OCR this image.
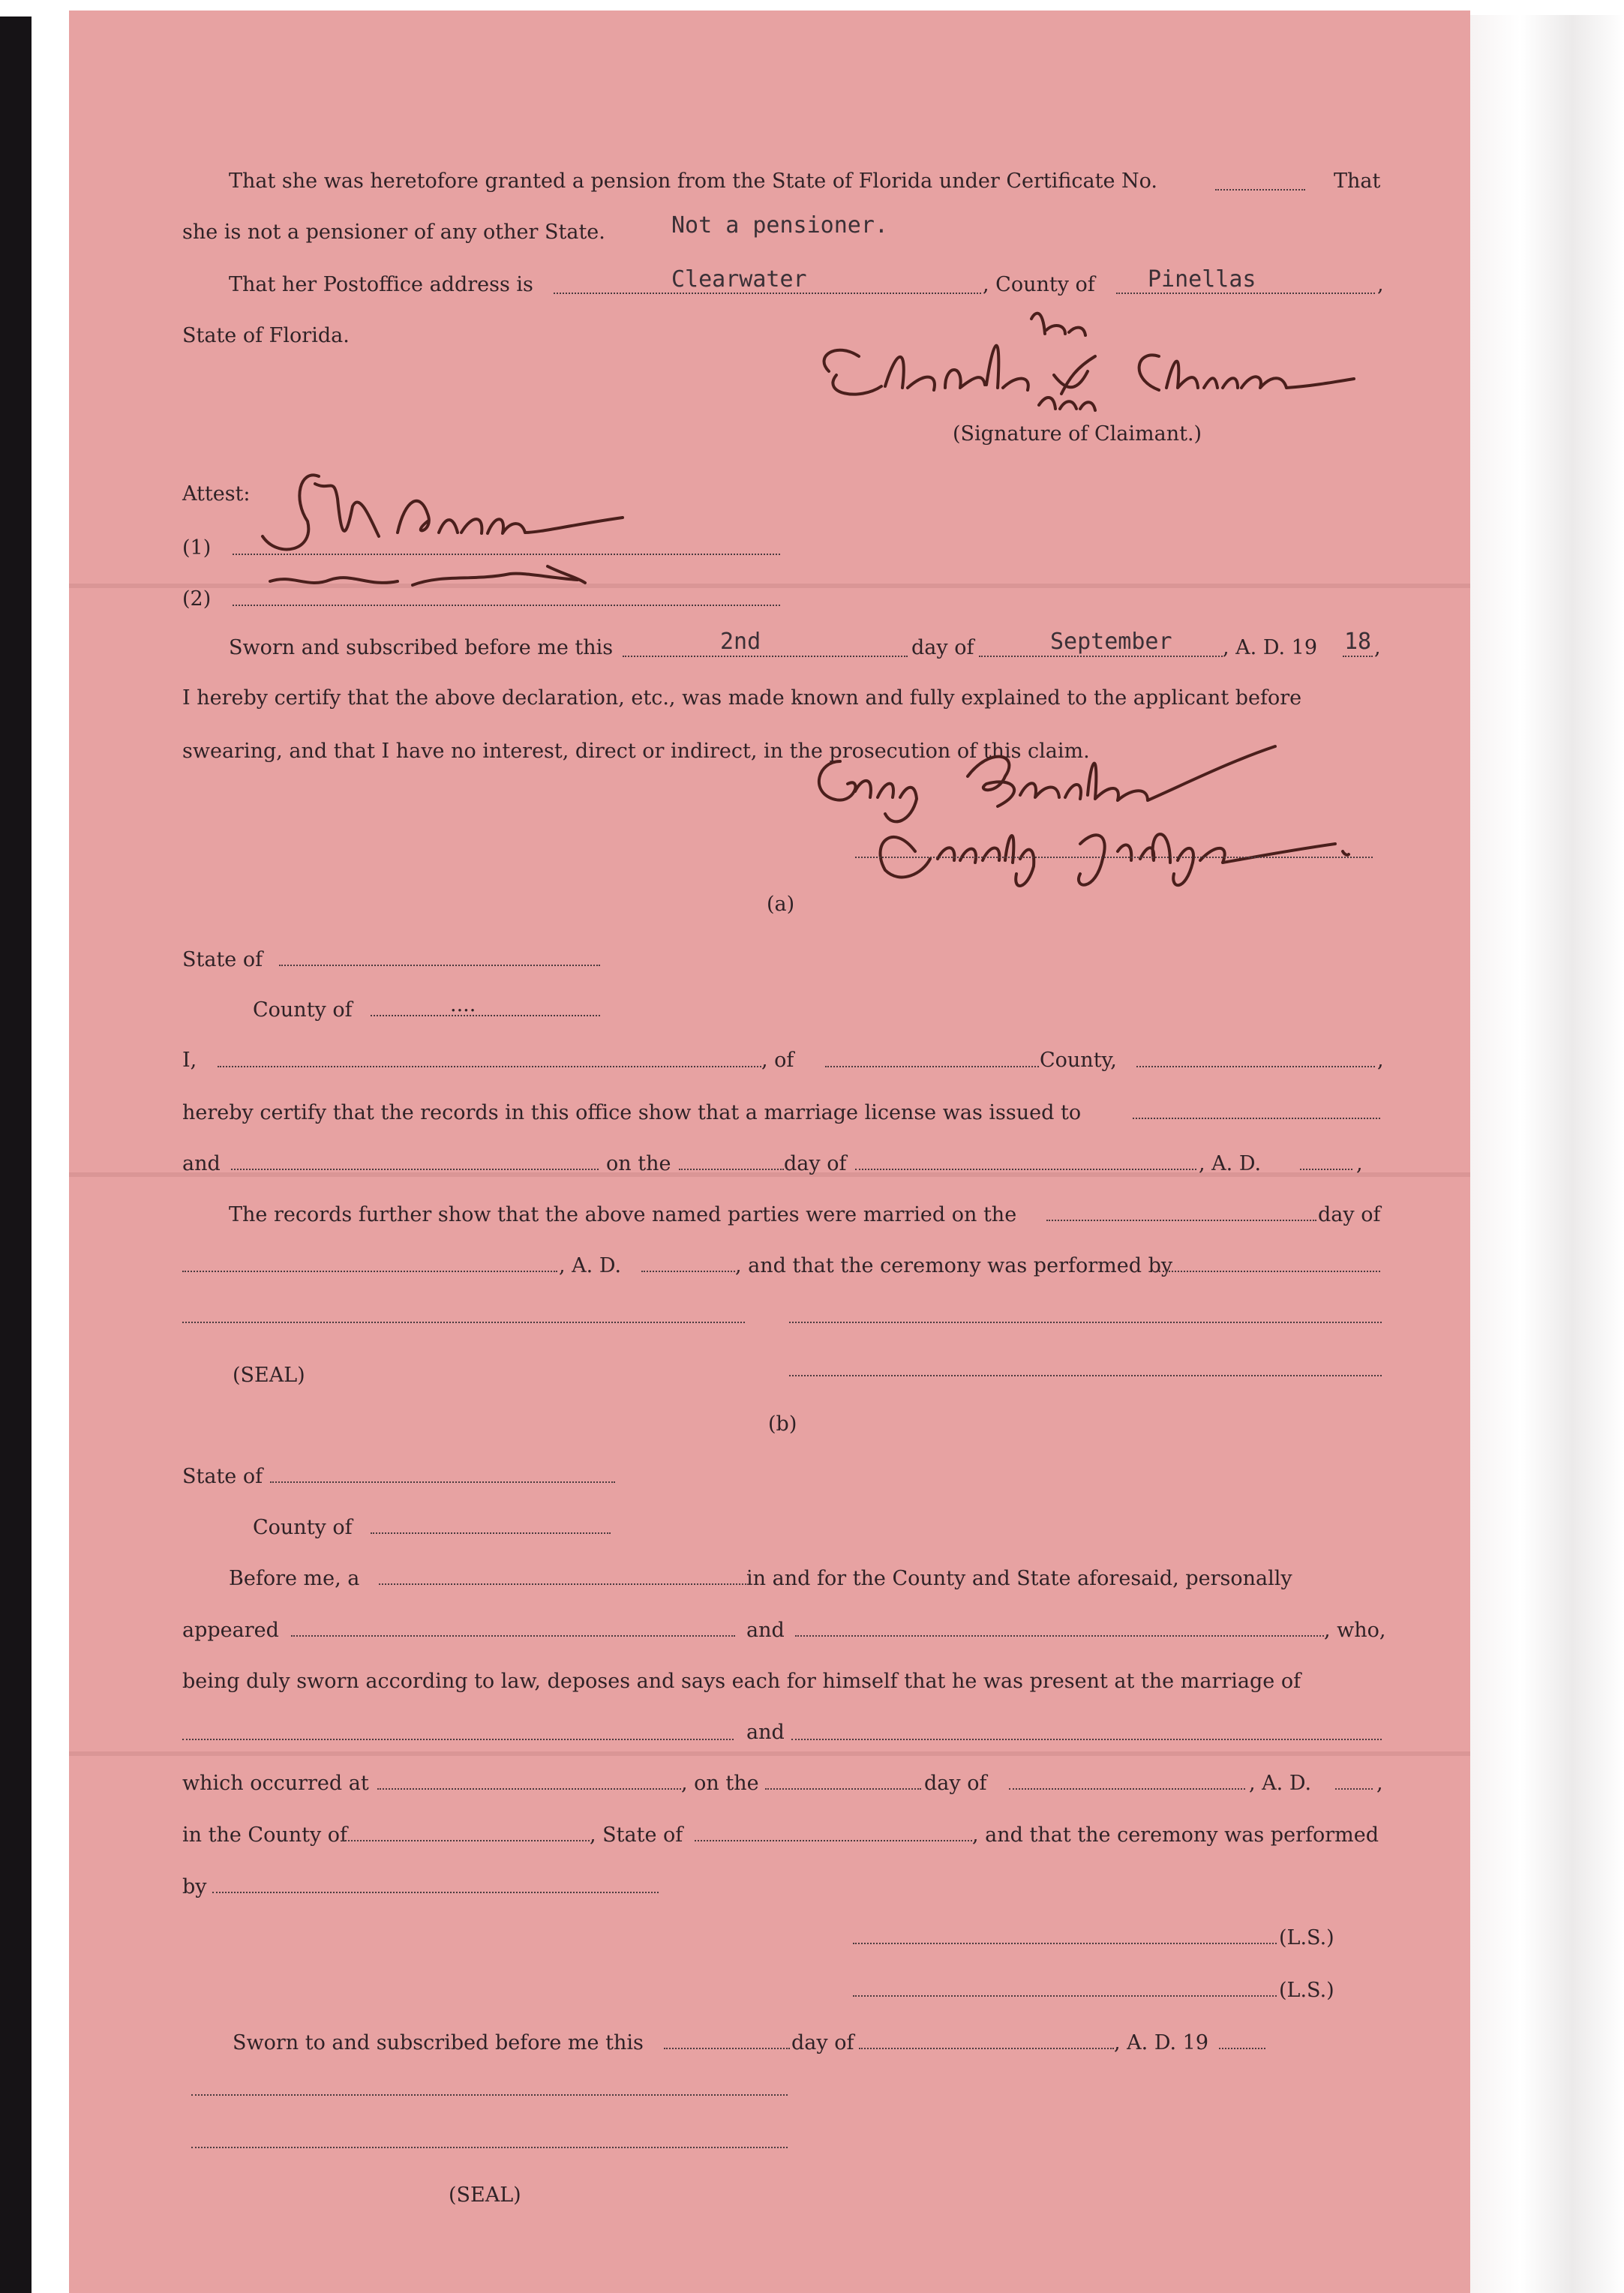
That she was heretofore granted a pension from the State of Florida under Certificate No.	That
she is not a pensioner of any other State.	Not a pensioner.
That her Postoffice address is	Clearwater	, County of Pinellas	,
State of Florida.
(Signature of Claimant.)
Attest:
(1)
(2)
Sworn and subscribed before me this	2nd	day of	September , A. D. 19 18 ,
I hereby certify that the above declaration, etc., was made known and fully explained to the applicant before
swearing, and that I have no interest, direct or indirect, in the prosecution of this claim.
(a)
State of
County of	....
I,	, of	County,	,
hereby certify that the records in this office show that a marriage license was issued to
and	on the	day of	, A. D.	,
The records further show that the above named parties were married on the	day of
, A. D.	, and that the ceremony was performed by
(SEAL)
(b)
State of
County of
Before me, a	in and for the County and State aforesaid, personally
appeared	and	, who,
being duly sworn according to law, deposes and says each for himself that he was present at the marriage of
and
which occurred at	, on the	day of	, A. D.	,
in the County of	, State of	, and that the ceremony was performed
by
(L.S.)
(L.S.)
Sworn to and subscribed before me this	day of	, A. D. 19
(SEAL)
